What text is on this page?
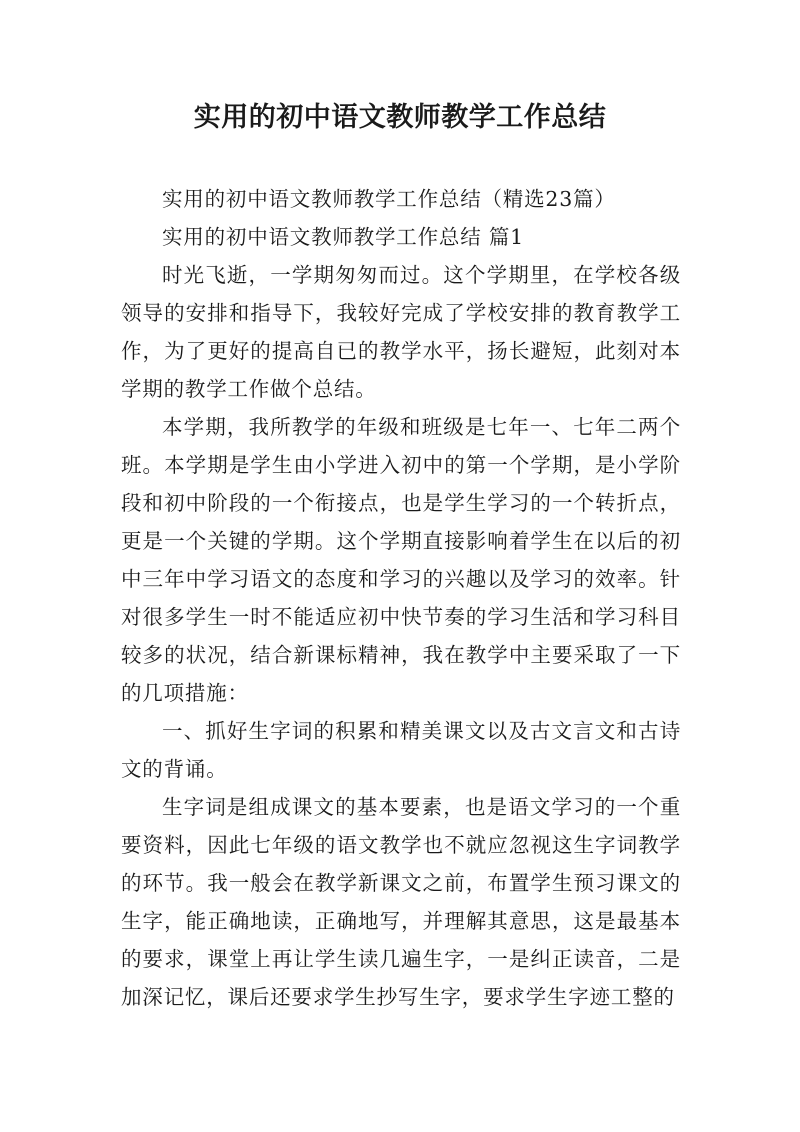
实用的初中语文教师教学工作总结

实用的初中语文教师教学工作总结（精选23篇）

实用的初中语文教师教学工作总结 篇1

时光飞逝，一学期匆匆而过。这个学期里，在学校各级领导的安排和指导下，我较好完成了学校安排的教育教学工作，为了更好的提高自已的教学水平，扬长避短，此刻对本学期的教学工作做个总结。

本学期，我所教学的年级和班级是七年一、七年二两个班。本学期是学生由小学进入初中的第一个学期，是小学阶段和初中阶段的一个衔接点，也是学生学习的一个转折点，更是一个关键的学期。这个学期直接影响着学生在以后的初中三年中学习语文的态度和学习的兴趣以及学习的效率。针对很多学生一时不能适应初中快节奏的学习生活和学习科目较多的状况，结合新课标精神，我在教学中主要采取了一下的几项措施：

一、抓好生字词的积累和精美课文以及古文言文和古诗文的背诵。

生字词是组成课文的基本要素，也是语文学习的一个重要资料，因此七年级的语文教学也不就应忽视这生字词教学的环节。我一般会在教学新课文之前，布置学生预习课文的生字，能正确地读，正确地写，并理解其意思，这是最基本的要求，课堂上再让学生读几遍生字，一是纠正读音，二是加深记忆，课后还要求学生抄写生字，要求学生字迹工整的
